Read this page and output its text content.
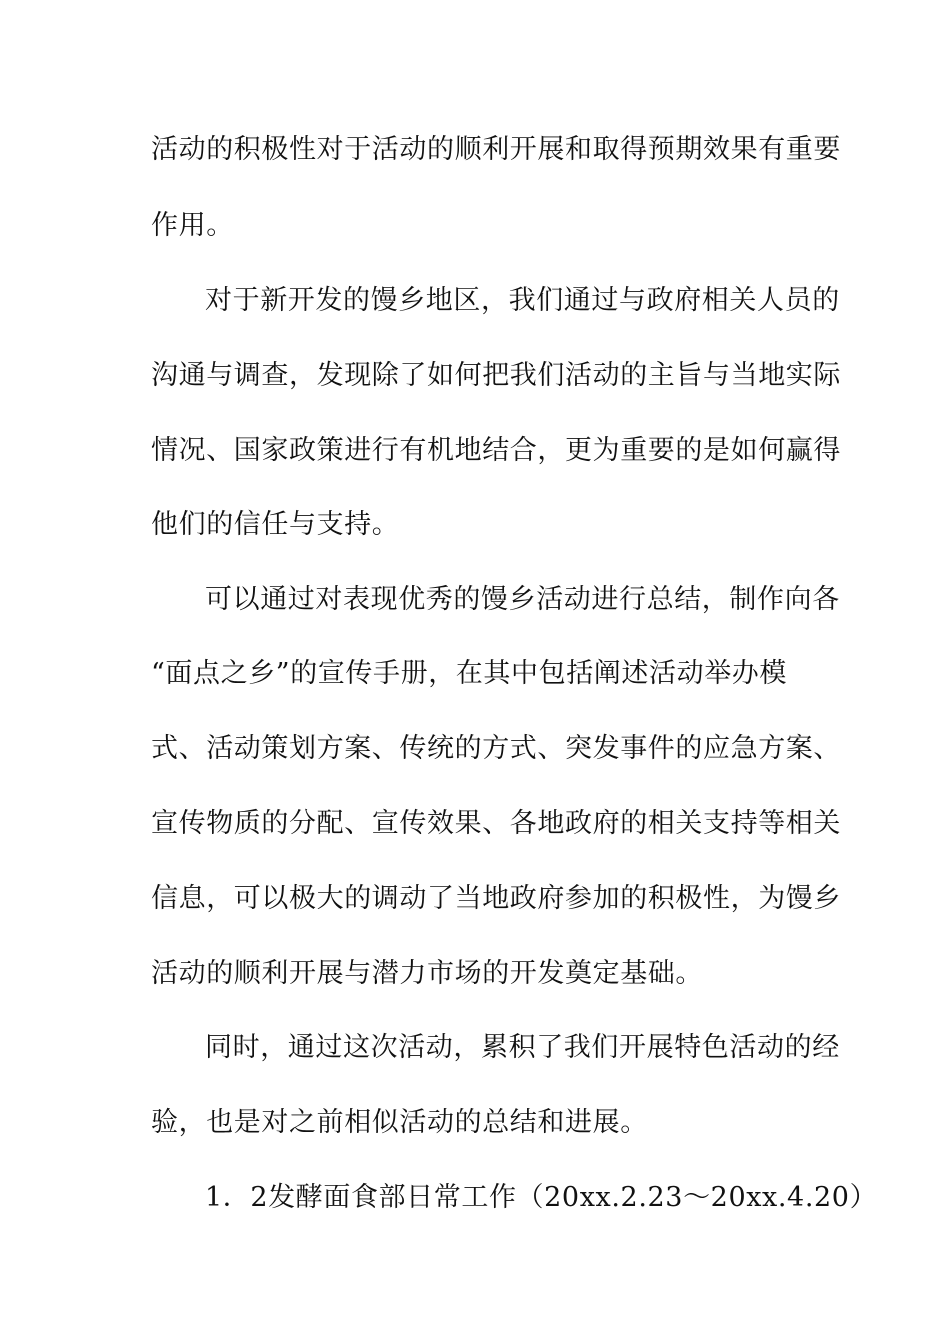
活动的积极性对于活动的顺利开展和取得预期效果有重要
作用。
对于新开发的馒乡地区，我们通过与政府相关人员的
沟通与调查，发现除了如何把我们活动的主旨与当地实际
情况、国家政策进行有机地结合，更为重要的是如何赢得
他们的信任与支持。
可以通过对表现优秀的馒乡活动进行总结，制作向各
“面点之乡”的宣传手册，在其中包括阐述活动举办模
式、活动策划方案、传统的方式、突发事件的应急方案、
宣传物质的分配、宣传效果、各地政府的相关支持等相关
信息，可以极大的调动了当地政府参加的积极性，为馒乡
活动的顺利开展与潜力市场的开发奠定基础。
同时，通过这次活动，累积了我们开展特色活动的经
验，也是对之前相似活动的总结和进展。
1．2发酵面食部日常工作（20xx.2.23～20xx.4.20）
